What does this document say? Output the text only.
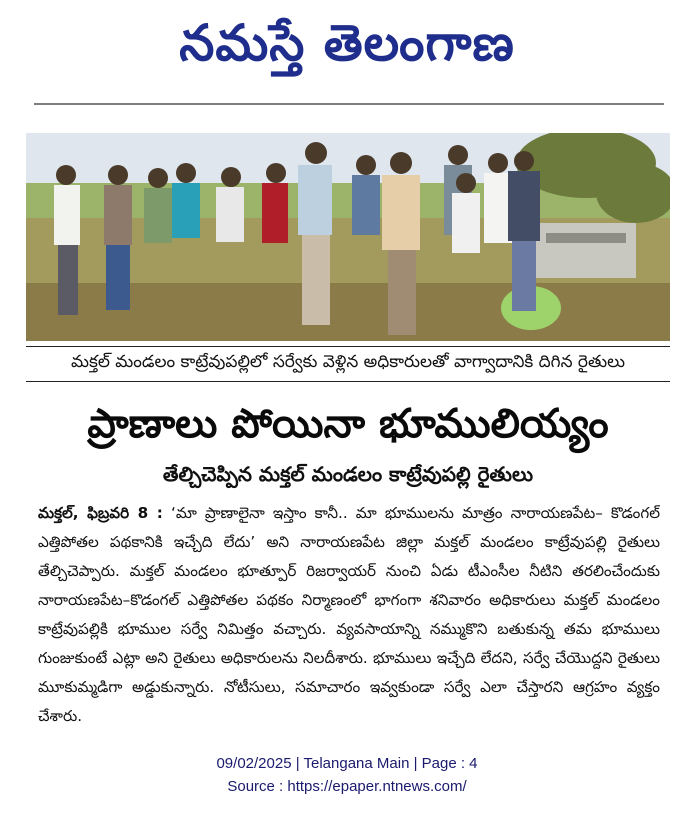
నమస్తే తెలంగాణ
మక్తల్ మండలం కాట్రేవుపల్లిలో సర్వేకు వెళ్లిన అధికారులతో వాగ్వాదానికి దిగిన రైతులు
ప్రాణాలు పోయినా భూములియ్యం
తేల్చిచెప్పిన మక్తల్ మండలం కాట్రేవుపల్లి రైతులు
మక్తల్, ఫిబ్రవరి 8 : ‘మా ప్రాణాలైనా ఇస్తాం కానీ.. మా భూములను మాత్రం నారాయణపేట– కొడంగల్ ఎత్తిపోతల పథకానికి ఇచ్చేది లేదు’ అని నారాయణపేట జిల్లా మక్తల్ మండలం కాట్రేవుపల్లి రైతులు తేల్చిచెప్పారు. మక్తల్ మండలం భూత్పూర్ రిజర్వాయర్ నుంచి ఏడు టీఎంసీల నీటిని తరలించేందుకు నారాయణపేట–కొడంగల్ ఎత్తిపోతల పథకం నిర్మాణంలో భాగంగా శనివారం అధికారులు మక్తల్ మండలం కాట్రేవుపల్లికి భూముల సర్వే నిమిత్తం వచ్చారు. వ్యవసాయాన్ని నమ్ముకొని బతుకున్న తమ భూములు గుంజుకుంటే ఎట్లా అని రైతులు అధికారులను నిలదీశారు. భూములు ఇచ్చేది లేదని, సర్వే చేయొద్దని రైతులు మూకుమ్మడిగా అడ్డుకున్నారు. నోటీసులు, సమాచారం ఇవ్వకుండా సర్వే ఎలా చేస్తారని ఆగ్రహం వ్యక్తం చేశారు.
09/02/2025 | Telangana Main | Page : 4
Source : https://epaper.ntnews.com/
